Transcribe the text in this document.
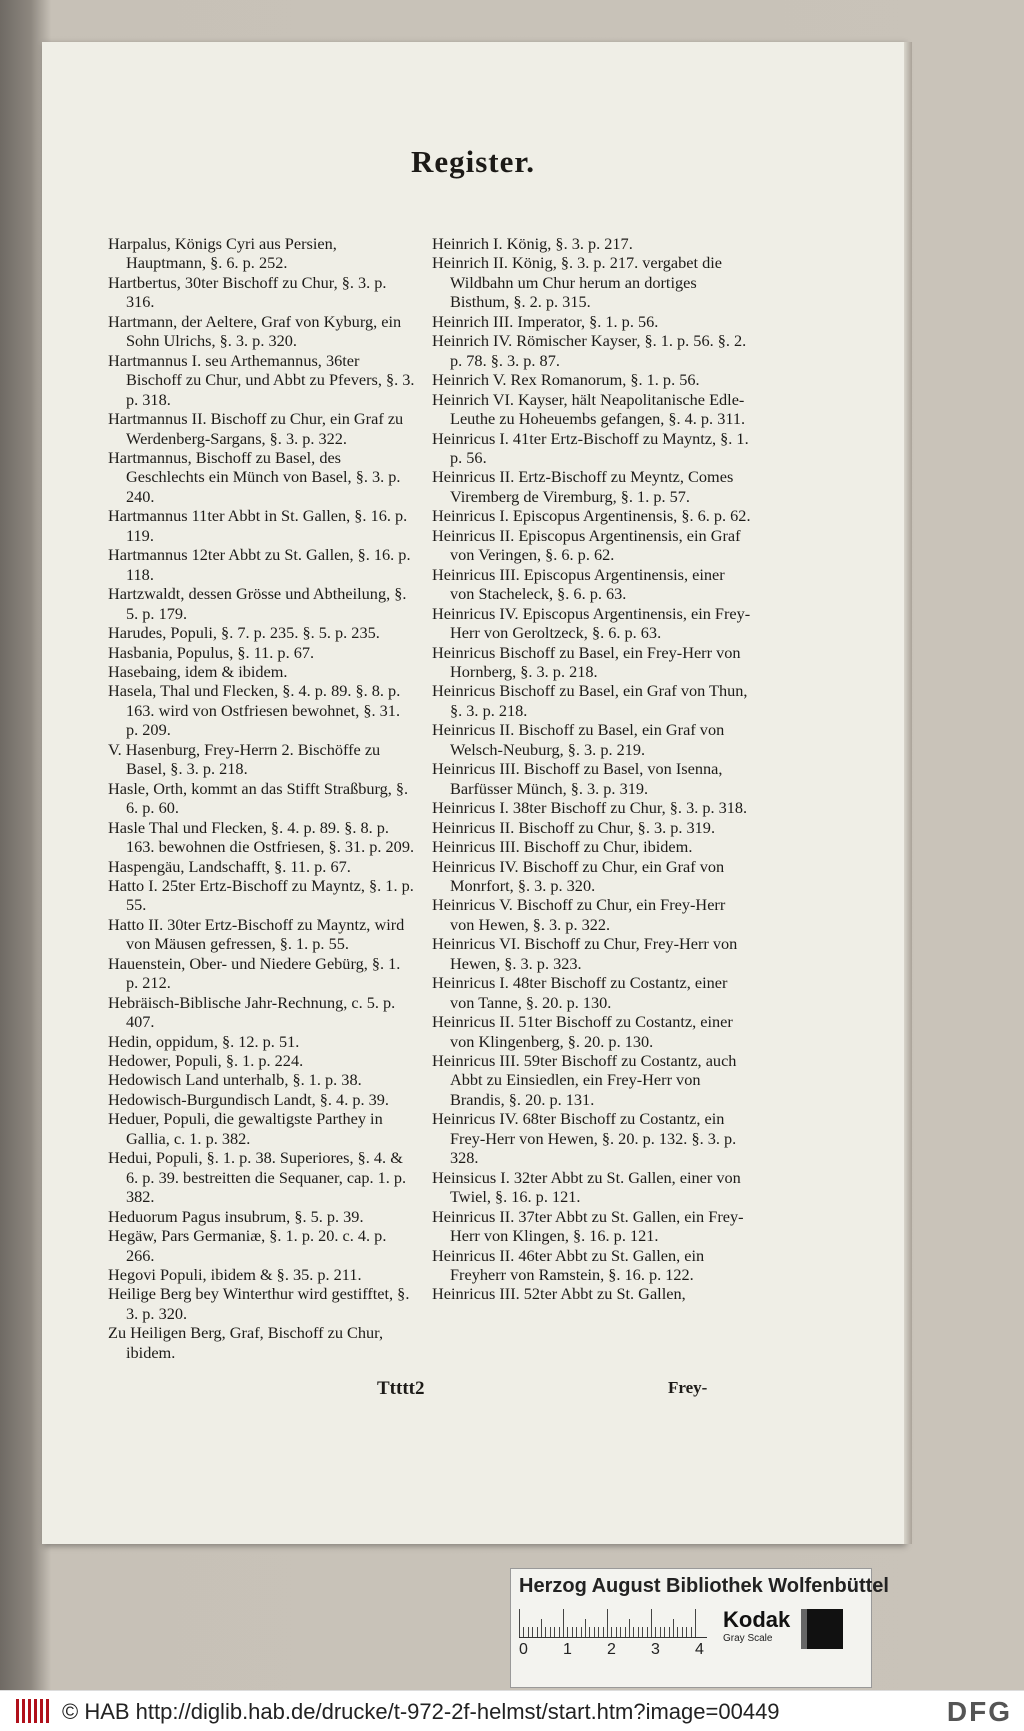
Register.

Harpalus, Königs Cyri aus Persien, Hauptmann, §. 6. p. 252.

Hartbertus, 30ter Bischoff zu Chur, §. 3. p. 316.

Hartmann, der Aeltere, Graf von Kyburg, ein Sohn Ulrichs, §. 3. p. 320.

Hartmannus I. seu Arthemannus, 36ter Bischoff zu Chur, und Abbt zu Pfevers, §. 3. p. 318.

Hartmannus II. Bischoff zu Chur, ein Graf zu Werdenberg-Sargans, §. 3. p. 322.

Hartmannus, Bischoff zu Basel, des Geschlechts ein Münch von Basel, §. 3. p. 240.

Hartmannus 11ter Abbt in St. Gallen, §. 16. p. 119.

Hartmannus 12ter Abbt zu St. Gallen, §. 16. p. 118.

Hartzwaldt, dessen Grösse und Abtheilung, §. 5. p. 179.

Harudes, Populi, §. 7. p. 235. §. 5. p. 235.

Hasbania, Populus, §. 11. p. 67.

Hasebaing, idem & ibidem.

Hasela, Thal und Flecken, §. 4. p. 89. §. 8. p. 163. wird von Ostfriesen bewohnet, §. 31. p. 209.

V. Hasenburg, Frey-Herrn 2. Bischöffe zu Basel, §. 3. p. 218.

Hasle, Orth, kommt an das Stifft Straßburg, §. 6. p. 60.

Hasle Thal und Flecken, §. 4. p. 89. §. 8. p. 163. bewohnen die Ostfriesen, §. 31. p. 209.

Haspengäu, Landschafft, §. 11. p. 67.

Hatto I. 25ter Ertz-Bischoff zu Mayntz, §. 1. p. 55.

Hatto II. 30ter Ertz-Bischoff zu Mayntz, wird von Mäusen gefressen, §. 1. p. 55.

Hauenstein, Ober- und Niedere Gebürg, §. 1. p. 212.

Hebräisch-Biblische Jahr-Rechnung, c. 5. p. 407.

Hedin, oppidum, §. 12. p. 51.

Hedower, Populi, §. 1. p. 224.

Hedowisch Land unterhalb, §. 1. p. 38.

Hedowisch-Burgundisch Landt, §. 4. p. 39.

Heduer, Populi, die gewaltigste Parthey in Gallia, c. 1. p. 382.

Hedui, Populi, §. 1. p. 38. Superiores, §. 4. & 6. p. 39. bestreitten die Sequaner, cap. 1. p. 382.

Heduorum Pagus insubrum, §. 5. p. 39.

Hegäw, Pars Germaniæ, §. 1. p. 20. c. 4. p. 266.

Hegovi Populi, ibidem & §. 35. p. 211.

Heilige Berg bey Winterthur wird gestifftet, §. 3. p. 320.

Zu Heiligen Berg, Graf, Bischoff zu Chur, ibidem.

Heinrich I. König, §. 3. p. 217.

Heinrich II. König, §. 3. p. 217. vergabet die Wildbahn um Chur herum an dortiges Bisthum, §. 2. p. 315.

Heinrich III. Imperator, §. 1. p. 56.

Heinrich IV. Römischer Kayser, §. 1. p. 56. §. 2. p. 78. §. 3. p. 87.

Heinrich V. Rex Romanorum, §. 1. p. 56.

Heinrich VI. Kayser, hält Neapolitanische Edle-Leuthe zu Hoheuembs gefangen, §. 4. p. 311.

Heinricus I. 41ter Ertz-Bischoff zu Mayntz, §. 1. p. 56.

Heinricus II. Ertz-Bischoff zu Meyntz, Comes Viremberg de Viremburg, §. 1. p. 57.

Heinricus I. Episcopus Argentinensis, §. 6. p. 62.

Heinricus II. Episcopus Argentinensis, ein Graf von Veringen, §. 6. p. 62.

Heinricus III. Episcopus Argentinensis, einer von Stacheleck, §. 6. p. 63.

Heinricus IV. Episcopus Argentinensis, ein Frey-Herr von Geroltzeck, §. 6. p. 63.

Heinricus Bischoff zu Basel, ein Frey-Herr von Hornberg, §. 3. p. 218.

Heinricus Bischoff zu Basel, ein Graf von Thun, §. 3. p. 218.

Heinricus II. Bischoff zu Basel, ein Graf von Welsch-Neuburg, §. 3. p. 219.

Heinricus III. Bischoff zu Basel, von Isenna, Barfüsser Münch, §. 3. p. 319.

Heinricus I. 38ter Bischoff zu Chur, §. 3. p. 318.

Heinricus II. Bischoff zu Chur, §. 3. p. 319.

Heinricus III. Bischoff zu Chur, ibidem.

Heinricus IV. Bischoff zu Chur, ein Graf von Monrfort, §. 3. p. 320.

Heinricus V. Bischoff zu Chur, ein Frey-Herr von Hewen, §. 3. p. 322.

Heinricus VI. Bischoff zu Chur, Frey-Herr von Hewen, §. 3. p. 323.

Heinricus I. 48ter Bischoff zu Costantz, einer von Tanne, §. 20. p. 130.

Heinricus II. 51ter Bischoff zu Costantz, einer von Klingenberg, §. 20. p. 130.

Heinricus III. 59ter Bischoff zu Costantz, auch Abbt zu Einsiedlen, ein Frey-Herr von Brandis, §. 20. p. 131.

Heinricus IV. 68ter Bischoff zu Costantz, ein Frey-Herr von Hewen, §. 20. p. 132. §. 3. p. 328.

Heinsicus I. 32ter Abbt zu St. Gallen, einer von Twiel, §. 16. p. 121.

Heinricus II. 37ter Abbt zu St. Gallen, ein Frey-Herr von Klingen, §. 16. p. 121.

Heinricus II. 46ter Abbt zu St. Gallen, ein Freyherr von Ramstein, §. 16. p. 122.

Heinricus III. 52ter Abbt zu St. Gallen,

Ttttt2	Frey-
Herzog August Bibliothek Wolfenbüttel
0 1 2 3 4
Kodak
Gray Scale
© HAB http://diglib.hab.de/drucke/t-972-2f-helmst/start.htm?image=00449	DFG
